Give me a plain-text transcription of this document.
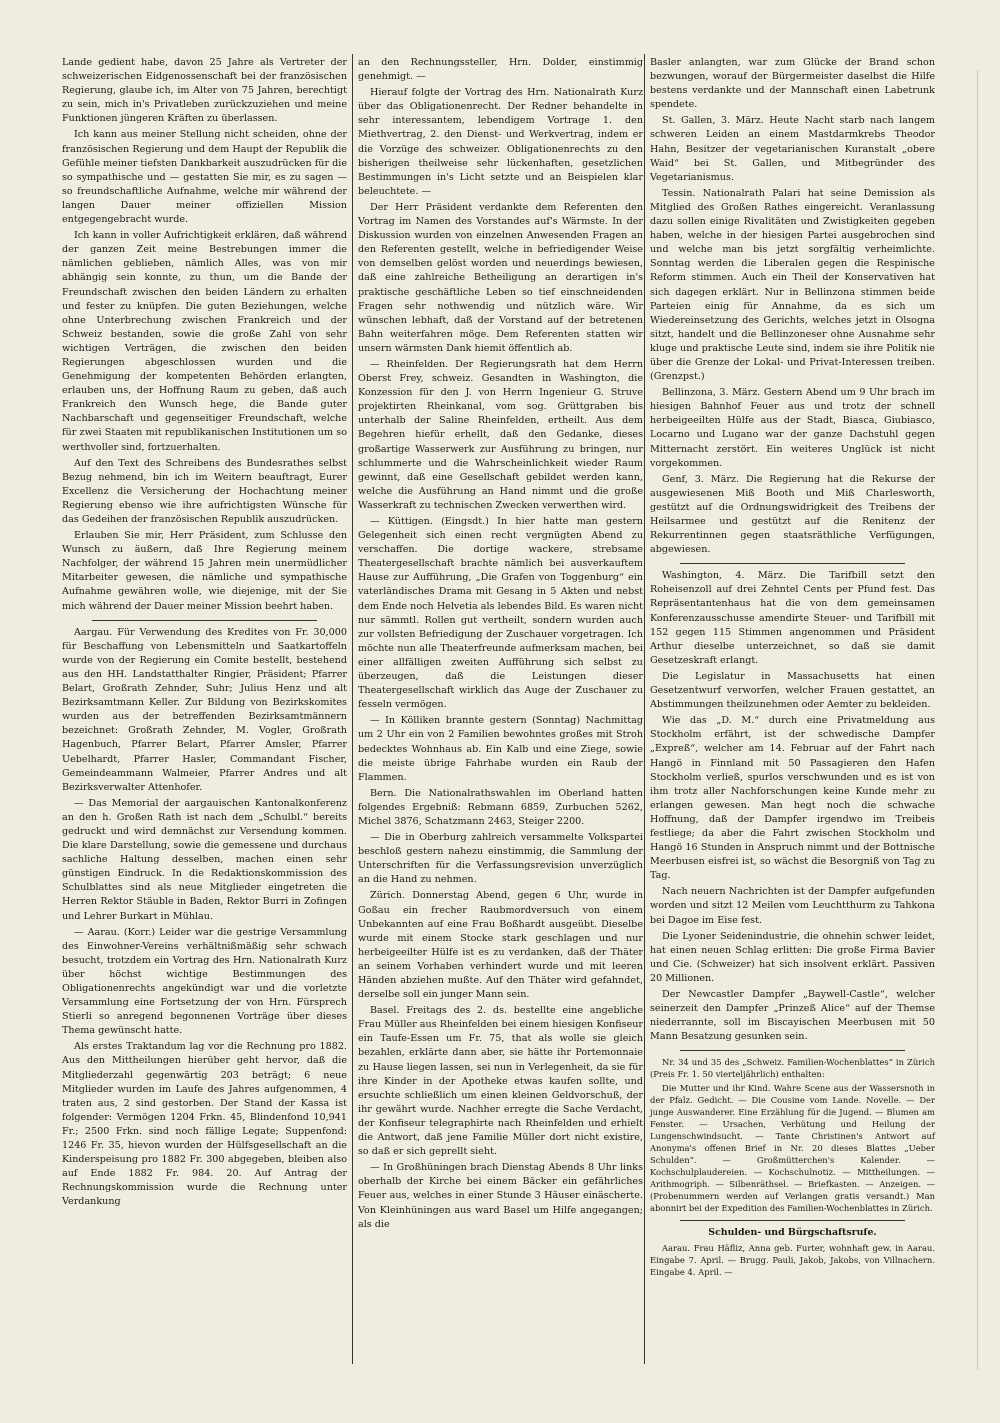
Lande gedient habe, davon 25 Jahre als Vertreter der schweizerischen Eidgenossenschaft bei der französischen Regierung, glaube ich, im Alter von 75 Jahren, berechtigt zu sein, mich in's Privatleben zurückzuziehen und meine Funktionen jüngeren Kräften zu überlassen.

Ich kann aus meiner Stellung nicht scheiden, ohne der französischen Regierung und dem Haupt der Republik die Gefühle meiner tiefsten Dankbarkeit auszudrücken für die so sympathische und — gestatten Sie mir, es zu sagen — so freundschaftliche Aufnahme, welche mir während der langen Dauer meiner offiziellen Mission entgegengebracht wurde.

Ich kann in voller Aufrichtigkeit erklären, daß während der ganzen Zeit meine Bestrebungen immer die nämlichen geblieben, nämlich Alles, was von mir abhängig sein konnte, zu thun, um die Bande der Freundschaft zwischen den beiden Ländern zu erhalten und fester zu knüpfen. Die guten Beziehungen, welche ohne Unterbrechung zwischen Frankreich und der Schweiz bestanden, sowie die große Zahl von sehr wichtigen Verträgen, die zwischen den beiden Regierungen abgeschlossen wurden und die Genehmigung der kompetenten Behörden erlangten, erlauben uns, der Hoffnung Raum zu geben, daß auch Frankreich den Wunsch hege, die Bande guter Nachbarschaft und gegenseitiger Freundschaft, welche für zwei Staaten mit republikanischen Institutionen um so werthvoller sind, fortzuerhalten.

Auf den Text des Schreibens des Bundesrathes selbst Bezug nehmend, bin ich im Weitern beauftragt, Eurer Excellenz die Versicherung der Hochachtung meiner Regierung ebenso wie ihre aufrichtigsten Wünsche für das Gedeihen der französischen Republik auszudrücken.

Erlauben Sie mir, Herr Präsident, zum Schlusse den Wunsch zu äußern, daß Ihre Regierung meinem Nachfolger, der während 15 Jahren mein unermüdlicher Mitarbeiter gewesen, die nämliche und sympathische Aufnahme gewähren wolle, wie diejenige, mit der Sie mich während der Dauer meiner Mission beehrt haben.

Aargau. Für Verwendung des Kredites von Fr. 30,000 für Beschaffung von Lebensmitteln und Saatkartoffeln wurde von der Regierung ein Comite bestellt, bestehend aus den HH. Landstatthalter Ringier, Präsident; Pfarrer Belart, Großrath Zehnder, Suhr; Julius Henz und alt Bezirksamtmann Keller. Zur Bildung von Bezirkskomites wurden aus der betreffenden Bezirksamtmännern bezeichnet: Großrath Zehnder, M. Vogler, Großrath Hagenbuch, Pfarrer Belart, Pfarrer Amsler, Pfarrer Uebelhardt, Pfarrer Hasler, Commandant Fischer, Gemeindeammann Walmeier, Pfarrer Andres und alt Bezirksverwalter Attenhofer.

— Das Memorial der aargauischen Kantonalkonferenz an den h. Großen Rath ist nach dem „Schulbl.“ bereits gedruckt und wird demnächst zur Versendung kommen. Die klare Darstellung, sowie die gemessene und durchaus sachliche Haltung desselben, machen einen sehr günstigen Eindruck. In die Redaktionskommission des Schulblattes sind als neue Mitglieder eingetreten die Herren Rektor Stäuble in Baden, Rektor Burri in Zofingen und Lehrer Burkart in Mühlau.

— Aarau. (Korr.) Leider war die gestrige Versammlung des Einwohner-Vereins verhältnißmäßig sehr schwach besucht, trotzdem ein Vortrag des Hrn. Nationalrath Kurz über höchst wichtige Bestimmungen des Obligationenrechts angekündigt war und die vorletzte Versammlung eine Fortsetzung der von Hrn. Fürsprech Stierli so anregend begonnenen Vorträge über dieses Thema gewünscht hatte.

Als erstes Traktandum lag vor die Rechnung pro 1882. Aus den Mittheilungen hierüber geht hervor, daß die Mitgliederzahl gegenwärtig 203 beträgt; 6 neue Mitglieder wurden im Laufe des Jahres aufgenommen, 4 traten aus, 2 sind gestorben. Der Stand der Kassa ist folgender: Vermögen 1204 Frkn. 45, Blindenfond 10,941 Fr.; 2500 Frkn. sind noch fällige Legate; Suppenfond: 1246 Fr. 35, hievon wurden der Hülfsgesellschaft an die Kinderspeisung pro 1882 Fr. 300 abgegeben, bleiben also auf Ende 1882 Fr. 984. 20. Auf Antrag der Rechnungskommission wurde die Rechnung unter Verdankung

an den Rechnungssteller, Hrn. Dolder, einstimmig genehmigt. —

Hierauf folgte der Vortrag des Hrn. Nationalrath Kurz über das Obligationenrecht. Der Redner behandelte in sehr interessantem, lebendigem Vortrage 1. den Miethvertrag, 2. den Dienst- und Werkvertrag, indem er die Vorzüge des schweizer. Obligationenrechts zu den bisherigen theilweise sehr lückenhaften, gesetzlichen Bestimmungen in's Licht setzte und an Beispielen klar beleuchtete. —

Der Herr Präsident verdankte dem Referenten den Vortrag im Namen des Vorstandes auf's Wärmste. In der Diskussion wurden von einzelnen Anwesenden Fragen an den Referenten gestellt, welche in befriedigender Weise von demselben gelöst worden und neuerdings bewiesen, daß eine zahlreiche Betheiligung an derartigen in's praktische geschäftliche Leben so tief einschneidenden Fragen sehr nothwendig und nützlich wäre. Wir wünschen lebhaft, daß der Vorstand auf der betretenen Bahn weiterfahren möge. Dem Referenten statten wir unsern wärmsten Dank hiemit öffentlich ab.

— Rheinfelden. Der Regierungsrath hat dem Herrn Oberst Frey, schweiz. Gesandten in Washington, die Konzession für den J. von Herrn Ingenieur G. Struve projektirten Rheinkanal, vom sog. Grüttgraben bis unterhalb der Saline Rheinfelden, ertheilt. Aus dem Begehren hiefür erhellt, daß den Gedanke, dieses großartige Wasserwerk zur Ausführung zu bringen, nur schlummerte und die Wahrscheinlichkeit wieder Raum gewinnt, daß eine Gesellschaft gebildet werden kann, welche die Ausführung an Hand nimmt und die große Wasserkraft zu technischen Zwecken verwerthen wird.

— Küttigen. (Eingsdt.) In hier hatte man gestern Gelegenheit sich einen recht vergnügten Abend zu verschaffen. Die dortige wackere, strebsame Theatergesellschaft brachte nämlich bei ausverkauftem Hause zur Aufführung, „Die Grafen von Toggenburg“ ein vaterländisches Drama mit Gesang in 5 Akten und nebst dem Ende noch Helvetia als lebendes Bild. Es waren nicht nur sämmtl. Rollen gut vertheilt, sondern wurden auch zur vollsten Befriedigung der Zuschauer vorgetragen. Ich möchte nun alle Theaterfreunde aufmerksam machen, bei einer allfälligen zweiten Aufführung sich selbst zu überzeugen, daß die Leistungen dieser Theatergesellschaft wirklich das Auge der Zuschauer zu fesseln vermögen.

— In Kölliken brannte gestern (Sonntag) Nachmittag um 2 Uhr ein von 2 Familien bewohntes großes mit Stroh bedecktes Wohnhaus ab. Ein Kalb und eine Ziege, sowie die meiste übrige Fahrhabe wurden ein Raub der Flammen.

Bern. Die Nationalrathswahlen im Oberland hatten folgendes Ergebniß: Rebmann 6859, Zurbuchen 5262, Michel 3876, Schatzmann 2463, Steiger 2200.

— Die in Oberburg zahlreich versammelte Volkspartei beschloß gestern nahezu einstimmig, die Sammlung der Unterschriften für die Verfassungsrevision unverzüglich an die Hand zu nehmen.

Zürich. Donnerstag Abend, gegen 6 Uhr, wurde in Goßau ein frecher Raubmordversuch von einem Unbekannten auf eine Frau Boßhardt ausgeübt. Dieselbe wurde mit einem Stocke stark geschlagen und nur herbeigeeilter Hülfe ist es zu verdanken, daß der Thäter an seinem Vorhaben verhindert wurde und mit leeren Händen abziehen mußte. Auf den Thäter wird gefahndet, derselbe soll ein junger Mann sein.

Basel. Freitags des 2. ds. bestellte eine angebliche Frau Müller aus Rheinfelden bei einem hiesigen Konfiseur ein Taufe-Essen um Fr. 75, that als wolle sie gleich bezahlen, erklärte dann aber, sie hätte ihr Portemonnaie zu Hause liegen lassen, sei nun in Verlegenheit, da sie für ihre Kinder in der Apotheke etwas kaufen sollte, und ersuchte schließlich um einen kleinen Geldvorschuß, der ihr gewährt wurde. Nachher erregte die Sache Verdacht, der Konfiseur telegraphirte nach Rheinfelden und erhielt die Antwort, daß jene Familie Müller dort nicht existire, so daß er sich geprellt sieht.

— In Großhüningen brach Dienstag Abends 8 Uhr links oberhalb der Kirche bei einem Bäcker ein gefährliches Feuer aus, welches in einer Stunde 3 Häuser einäscherte. Von Kleinhüningen aus ward Basel um Hilfe angegangen; als die

Basler anlangten, war zum Glücke der Brand schon bezwungen, worauf der Bürgermeister daselbst die Hilfe bestens verdankte und der Mannschaft einen Labetrunk spendete.

St. Gallen, 3. März. Heute Nacht starb nach langem schweren Leiden an einem Mastdarmkrebs Theodor Hahn, Besitzer der vegetarianischen Kuranstalt „obere Waid“ bei St. Gallen, und Mitbegründer des Vegetarianismus.

Tessin. Nationalrath Palari hat seine Demission als Mitglied des Großen Rathes eingereicht. Veranlassung dazu sollen einige Rivalitäten und Zwistigkeiten gegeben haben, welche in der hiesigen Partei ausgebrochen sind und welche man bis jetzt sorgfältig verheimlichte. Sonntag werden die Liberalen gegen die Respinische Reform stimmen. Auch ein Theil der Konservativen hat sich dagegen erklärt. Nur in Bellinzona stimmen beide Parteien einig für Annahme, da es sich um Wiedereinsetzung des Gerichts, welches jetzt in Olsogna sitzt, handelt und die Bellinzoneser ohne Ausnahme sehr kluge und praktische Leute sind, indem sie ihre Politik nie über die Grenze der Lokal- und Privat-Interessen treiben. (Grenzpst.)

Bellinzona, 3. März. Gestern Abend um 9 Uhr brach im hiesigen Bahnhof Feuer aus und trotz der schnell herbeigeeilten Hülfe aus der Stadt, Biasca, Giubiasco, Locarno und Lugano war der ganze Dachstuhl gegen Mitternacht zerstört. Ein weiteres Unglück ist nicht vorgekommen.

Genf, 3. März. Die Regierung hat die Rekurse der ausgewiesenen Miß Booth und Miß Charlesworth, gestützt auf die Ordnungswidrigkeit des Treibens der Heilsarmee und gestützt auf die Renitenz der Rekurrentinnen gegen staatsräthliche Verfügungen, abgewiesen.

Washington, 4. März. Die Tarifbill setzt den Roheisenzoll auf drei Zehntel Cents per Pfund fest. Das Repräsentantenhaus hat die von dem gemeinsamen Konferenzausschusse amendirte Steuer- und Tarifbill mit 152 gegen 115 Stimmen angenommen und Präsident Arthur dieselbe unterzeichnet, so daß sie damit Gesetzeskraft erlangt.

Die Legislatur in Massachusetts hat einen Gesetzentwurf verworfen, welcher Frauen gestattet, an Abstimmungen theilzunehmen oder Aemter zu bekleiden.

Wie das „D. M.“ durch eine Privatmeldung aus Stockholm erfährt, ist der schwedische Dampfer „Expreß“, welcher am 14. Februar auf der Fahrt nach Hangö in Finnland mit 50 Passagieren den Hafen Stockholm verließ, spurlos verschwunden und es ist von ihm trotz aller Nachforschungen keine Kunde mehr zu erlangen gewesen. Man hegt noch die schwache Hoffnung, daß der Dampfer irgendwo im Treibeis festliege; da aber die Fahrt zwischen Stockholm und Hangö 16 Stunden in Anspruch nimmt und der Bottnische Meerbusen eisfrei ist, so wächst die Besorgniß von Tag zu Tag.

Nach neuern Nachrichten ist der Dampfer aufgefunden worden und sitzt 12 Meilen vom Leuchtthurm zu Tahkona bei Dagoe im Eise fest.

Die Lyoner Seidenindustrie, die ohnehin schwer leidet, hat einen neuen Schlag erlitten: Die große Firma Bavier und Cie. (Schweizer) hat sich insolvent erklärt. Passiven 20 Millionen.

Der Newcastler Dampfer „Baywell-Castle“, welcher seinerzeit den Dampfer „Prinzeß Alice“ auf der Themse niederrannte, soll im Biscayischen Meerbusen mit 50 Mann Besatzung gesunken sein.

Nr. 34 und 35 des „Schweiz. Familien-Wochenblattes“ in Zürich (Preis Fr. 1. 50 vierteljährlich) enthalten:

Die Mutter und ihr Kind. Wahre Scene aus der Wassersnoth in der Pfalz. Gedicht. — Die Cousine vom Lande. Novelle. — Der junge Auswanderer. Eine Erzählung für die Jugend. — Blumen am Fenster. — Ursachen, Verhütung und Heilung der Lungenschwindsucht. — Tante Christinen's Antwort auf Anonyma's offenen Brief in Nr. 20 dieses Blattes „Ueber Schulden“. — Großmütterchen's Kalender. — Kochschulplaudereien. — Kochschulnotiz. — Mittheilungen. — Arithmogriph. — Silbenräthsel. — Briefkasten. — Anzeigen. — (Probenummern werden auf Verlangen gratis versandt.) Man abonnirt bei der Expedition des Familien-Wochenblattes in Zürich.

Schulden- und Bürgschaftsrufe.

Aarau. Frau Häfliz, Anna geb. Furter, wohnhaft gew. in Aarau. Eingabe 7. April. — Brugg. Pauli, Jakob, Jakobs, von Villnachern. Eingabe 4. April. —
